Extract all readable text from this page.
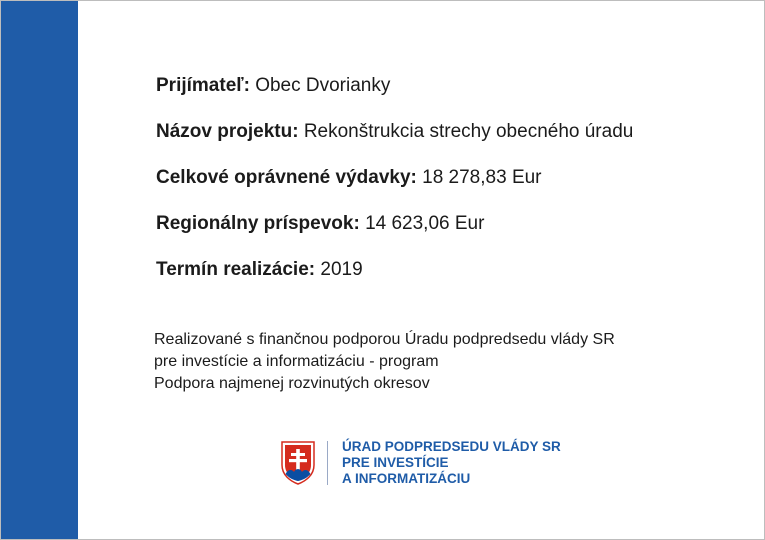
Prijímateľ: Obec Dvorianky
Názov projektu: Rekonštrukcia strechy obecného úradu
Celkové oprávnené výdavky: 18 278,83 Eur
Regionálny príspevok: 14 623,06 Eur
Termín realizácie: 2019
Realizované s finančnou podporou Úradu podpredsedu vlády SR
pre investície a informatizáciu - program
Podpora najmenej rozvinutých okresov
ÚRAD PODPREDSEDU VLÁDY SR
PRE INVESTÍCIE
A INFORMATIZÁCIU
